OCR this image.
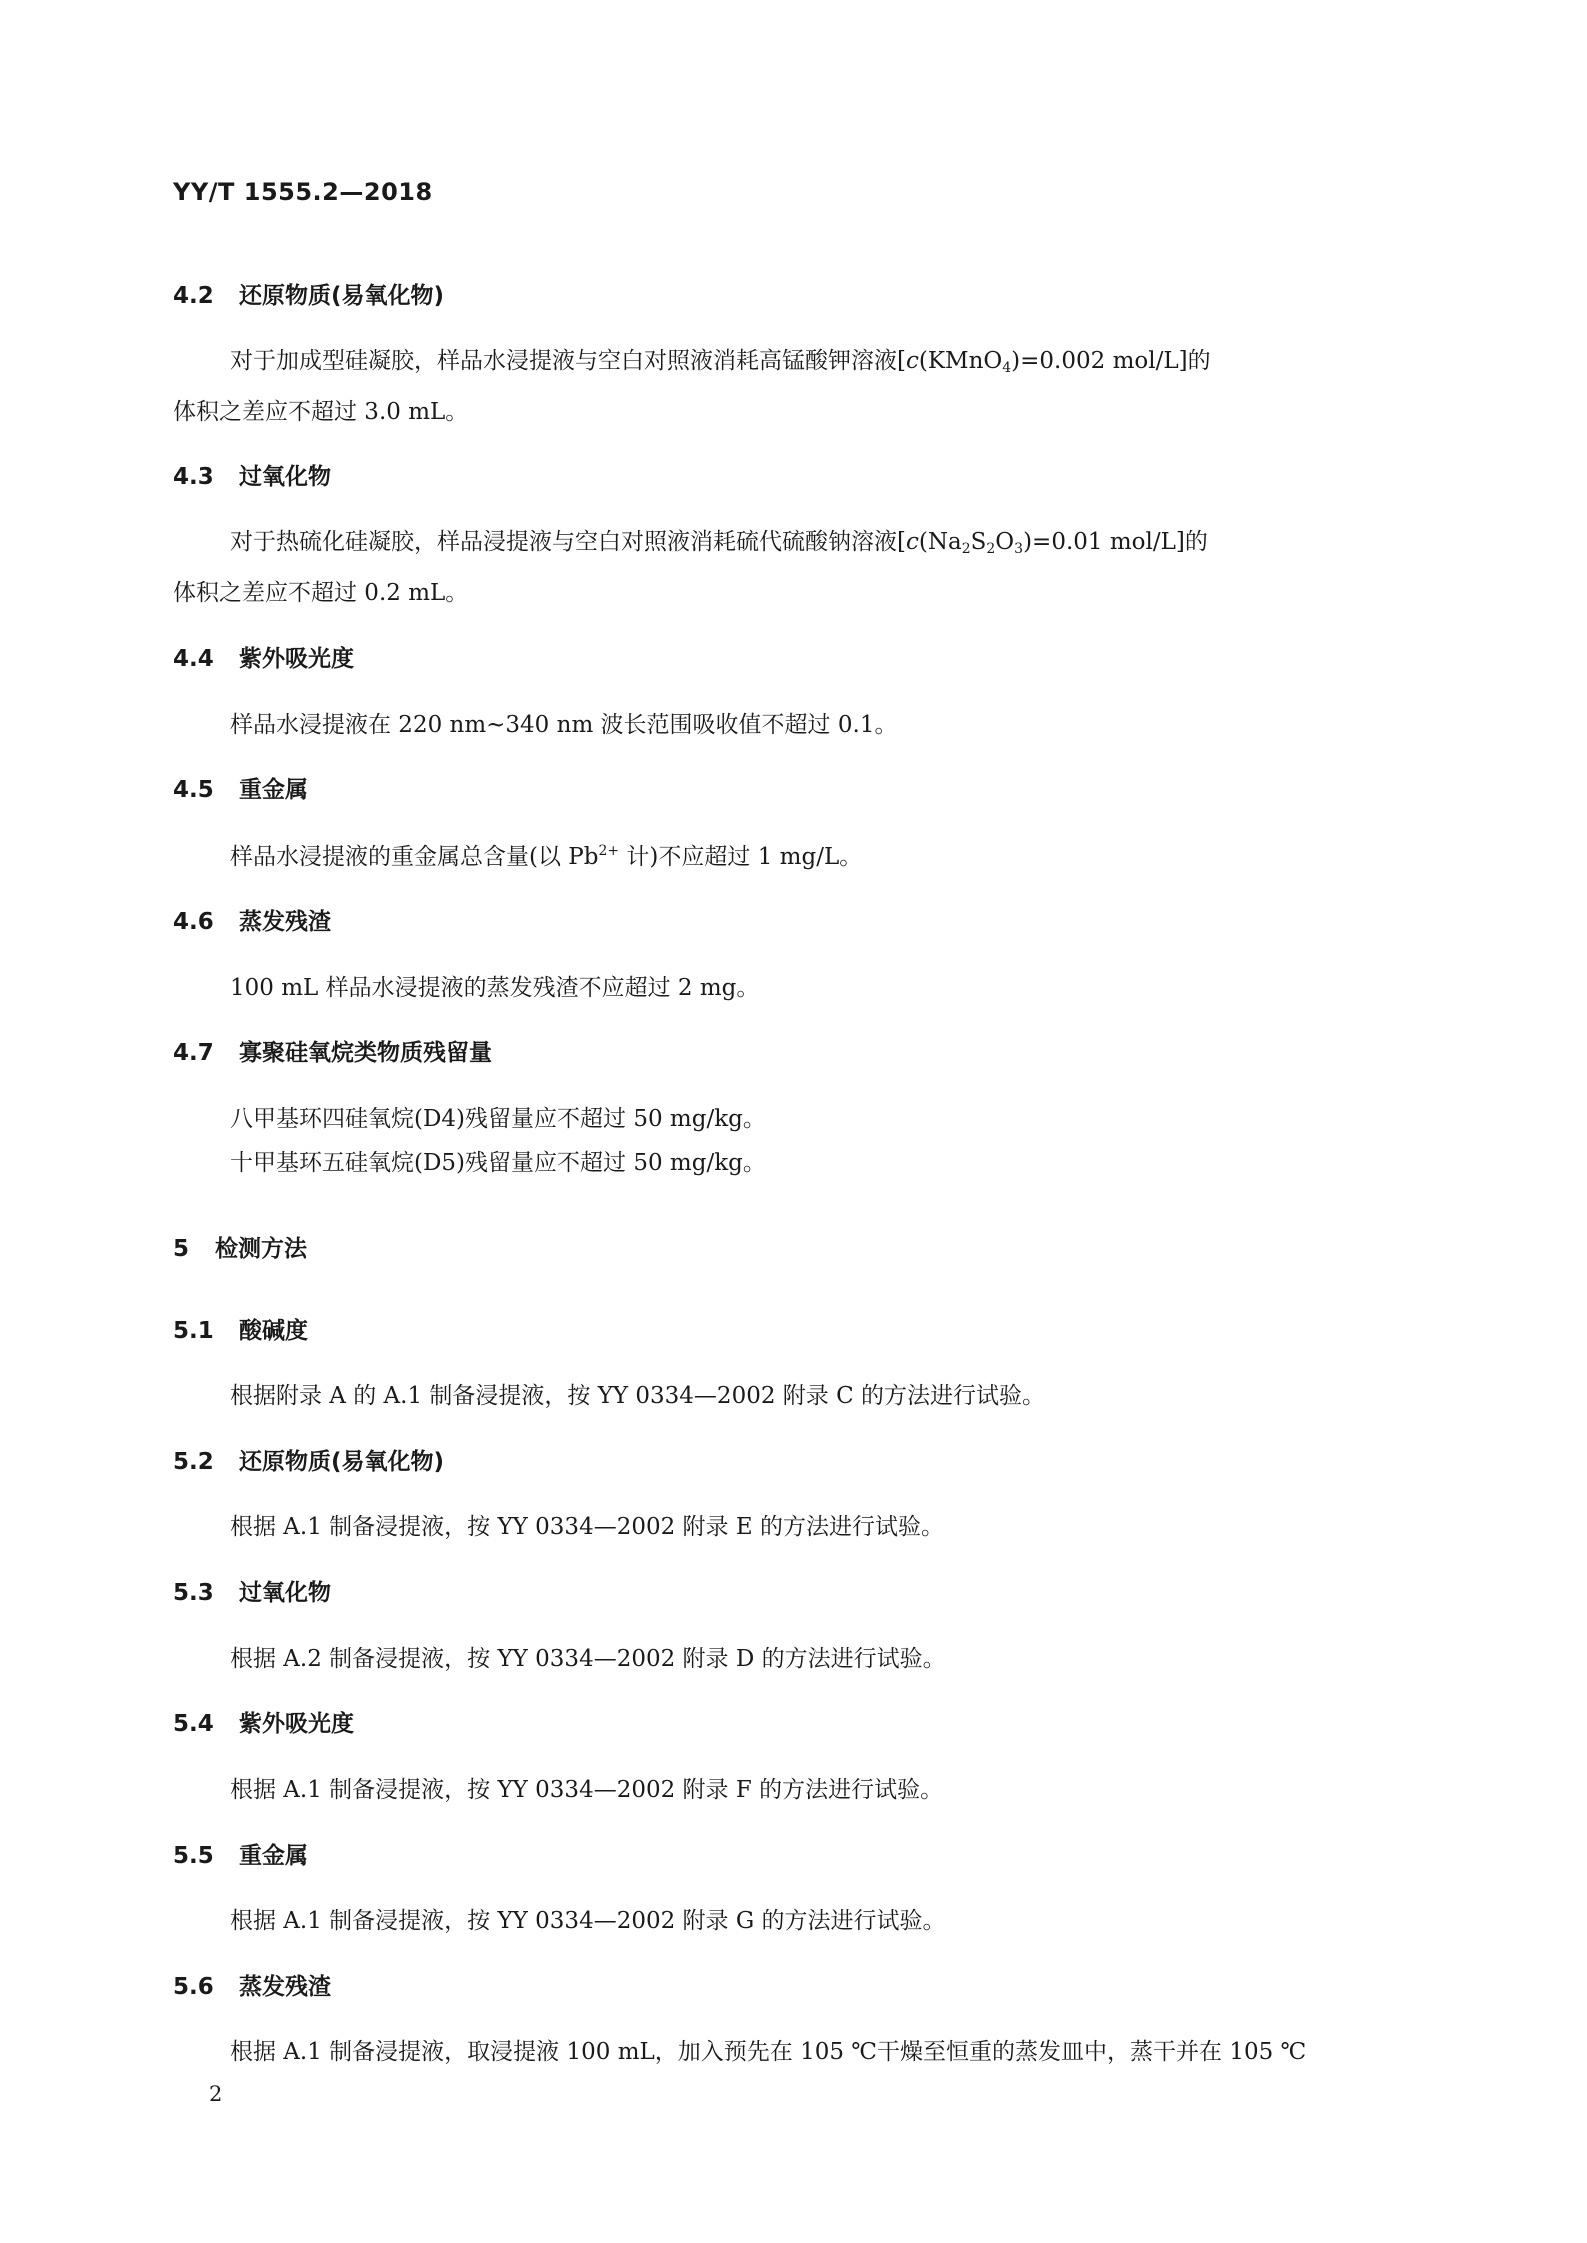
YY/T 1555.2—2018
4.2 还原物质(易氧化物)
对于加成型硅凝胶，样品水浸提液与空白对照液消耗高锰酸钾溶液[c(KMnO$_4$)=0.002 mol/L]的
体积之差应不超过 3.0 mL。
4.3 过氧化物
对于热硫化硅凝胶，样品浸提液与空白对照液消耗硫代硫酸钠溶液[$c(Na_2S_2O_3)=0.01$ mol/L]的
体积之差应不超过 0.2 mL。
4.4 紫外吸光度
样品水浸提液在 220 nm~340 nm 波长范围吸收值不超过 0.1。
4.5 重金属
样品水浸提液的重金属总含量(以 $Pb^{2+}$ 计)不应超过 1 mg/L。
4.6 蒸发残渣
100 mL 样品水浸提液的蒸发残渣不应超过 2 mg。
4.7 寡聚硅氧烷类物质残留量
八甲基环四硅氧烷(D4)残留量应不超过 50 mg/kg。
十甲基环五硅氧烷(D5)残留量应不超过 50 mg/kg。
5 检测方法
5.1 酸碱度
根据附录 A 的 A.1 制备浸提液，按 YY 0334—2002 附录 C 的方法进行试验。
5.2 还原物质(易氧化物)
根据 A.1 制备浸提液，按 YY 0334—2002 附录 E 的方法进行试验。
5.3 过氧化物
根据 A.2 制备浸提液，按 YY 0334—2002 附录 D 的方法进行试验。
5.4 紫外吸光度
根据 A.1 制备浸提液，按 YY 0334—2002 附录 F 的方法进行试验。
5.5 重金属
根据 A.1 制备浸提液，按 YY 0334—2002 附录 G 的方法进行试验。
5.6 蒸发残渣
根据 A.1 制备浸提液，取浸提液 100 mL，加入预先在 105 ℃干燥至恒重的蒸发皿中，蒸干并在 105 ℃
2
